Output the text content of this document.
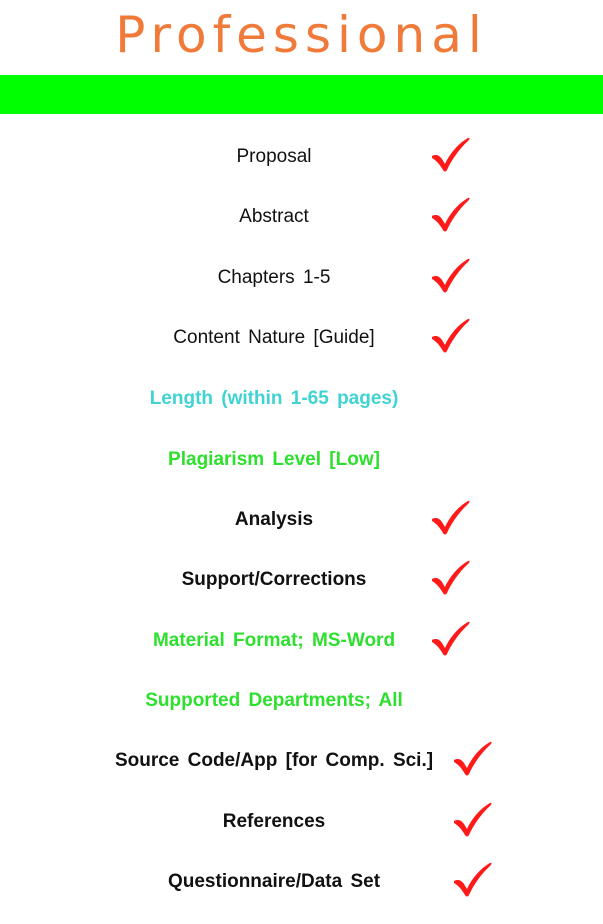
Professional
Proposal
Abstract
Chapters 1-5
Content Nature [Guide]
Length (within 1-65 pages)
Plagiarism Level [Low]
Analysis
Support/Corrections
Material Format; MS-Word
Supported Departments; All
Source Code/App [for Comp. Sci.]
References
Questionnaire/Data Set
